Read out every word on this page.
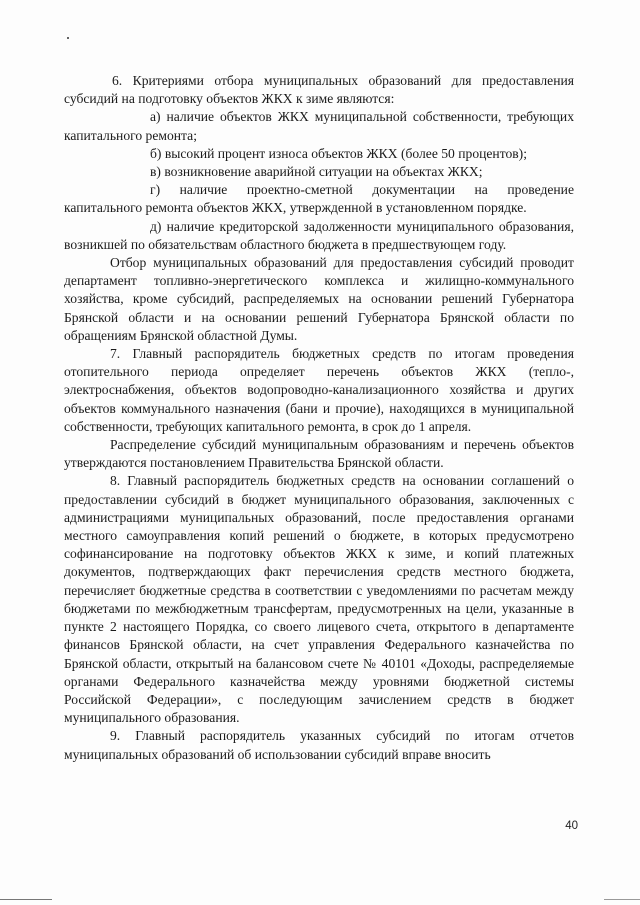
6. Критериями отбора муниципальных образований для предоставления субсидий на подготовку объектов ЖКХ к зиме являются:

а) наличие объектов ЖКХ муниципальной собственности, требующих капитального ремонта;

б) высокий процент износа объектов ЖКХ (более 50 процентов);

в) возникновение аварийной ситуации на объектах ЖКХ;

г) наличие проектно-сметной документации на проведение капитального ремонта объектов ЖКХ, утвержденной в установленном порядке.

д) наличие кредиторской задолженности муниципального образования, возникшей по обязательствам областного бюджета в предшествующем году.

Отбор муниципальных образований для предоставления субсидий проводит департамент топливно-энергетического комплекса и жилищно-коммунального хозяйства, кроме субсидий, распределяемых на основании решений Губернатора Брянской области и на основании решений Губернатора Брянской области по обращениям Брянской областной Думы.

7. Главный распорядитель бюджетных средств по итогам проведения отопительного периода определяет перечень объектов ЖКХ (тепло-, электроснабжения, объектов водопроводно-канализационного хозяйства и других объектов коммунального назначения (бани и прочие), находящихся в муниципальной собственности, требующих капитального ремонта, в срок до 1 апреля.

Распределение субсидий муниципальным образованиям и перечень объектов утверждаются постановлением Правительства Брянской области.

8. Главный распорядитель бюджетных средств на основании соглашений о предоставлении субсидий в бюджет муниципального образования, заключенных с администрациями муниципальных образований, после предоставления органами местного самоуправления копий решений о бюджете, в которых предусмотрено софинансирование на подготовку объектов ЖКХ к зиме, и копий платежных документов, подтверждающих факт перечисления средств местного бюджета, перечисляет бюджетные средства в соответствии с уведомлениями по расчетам между бюджетами по межбюджетным трансфертам, предусмотренных на цели, указанные в пункте 2 настоящего Порядка, со своего лицевого счета, открытого в департаменте финансов Брянской области, на счет управления Федерального казначейства по Брянской области, открытый на балансовом счете № 40101 «Доходы, распределяемые органами Федерального казначейства между уровнями бюджетной системы Российской Федерации», с последующим зачислением средств в бюджет муниципального образования.

9. Главный распорядитель указанных субсидий по итогам отчетов муниципальных образований об использовании субсидий вправе вносить

40
